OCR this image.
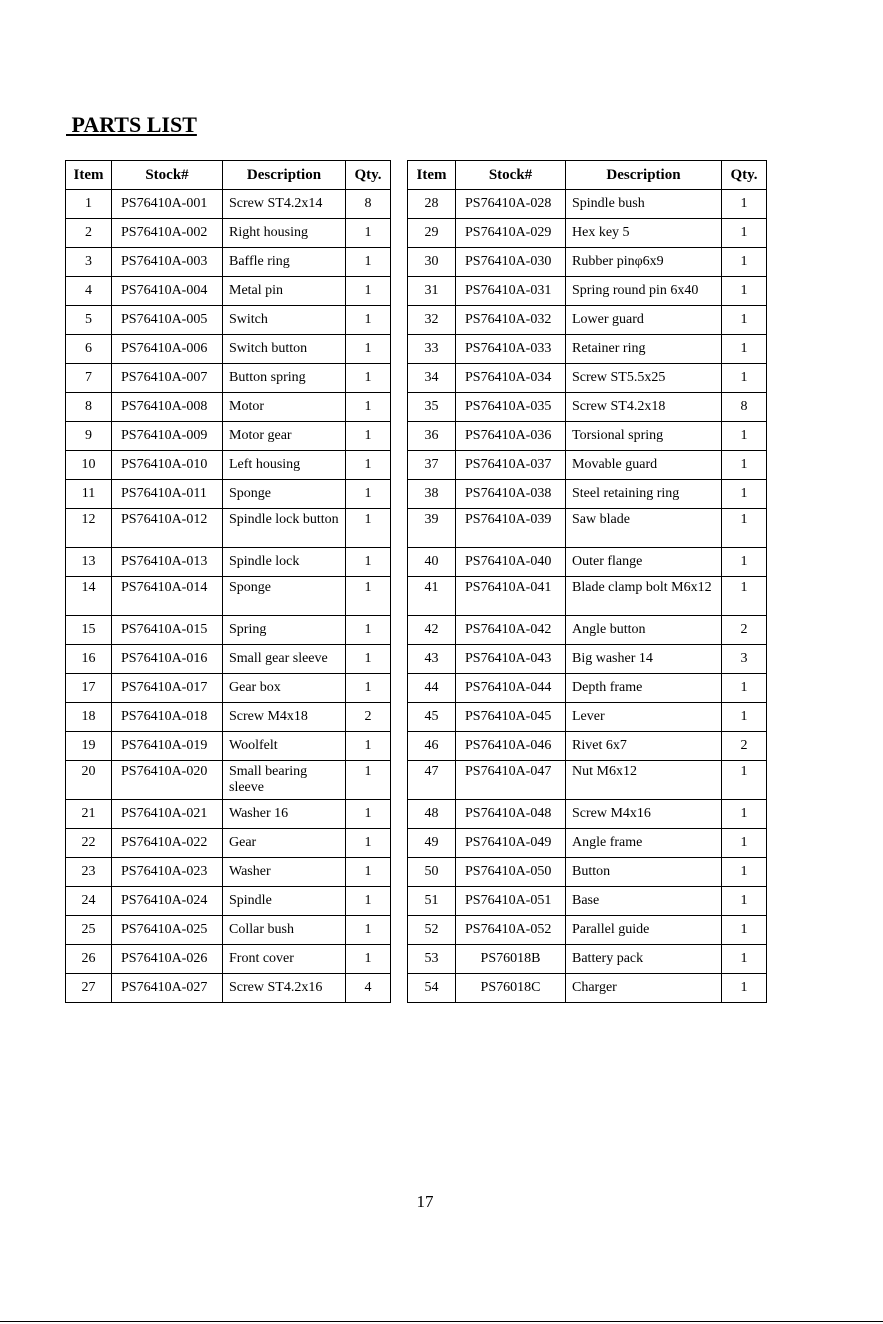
PARTS LIST
Item	Stock#	Description	Qty.
1	PS76410A-001	Screw ST4.2x14	8
2	PS76410A-002	Right housing	1
3	PS76410A-003	Baffle ring	1
4	PS76410A-004	Metal pin	1
5	PS76410A-005	Switch	1
6	PS76410A-006	Switch button	1
7	PS76410A-007	Button spring	1
8	PS76410A-008	Motor	1
9	PS76410A-009	Motor gear	1
10	PS76410A-010	Left housing	1
11	PS76410A-011	Sponge	1
12	PS76410A-012	Spindle lock button	1
13	PS76410A-013	Spindle lock	1
14	PS76410A-014	Sponge	1
15	PS76410A-015	Spring	1
16	PS76410A-016	Small gear sleeve	1
17	PS76410A-017	Gear box	1
18	PS76410A-018	Screw M4x18	2
19	PS76410A-019	Woolfelt	1
20	PS76410A-020	Small bearing sleeve	1
21	PS76410A-021	Washer 16	1
22	PS76410A-022	Gear	1
23	PS76410A-023	Washer	1
24	PS76410A-024	Spindle	1
25	PS76410A-025	Collar bush	1
26	PS76410A-026	Front cover	1
27	PS76410A-027	Screw ST4.2x16	4
Item	Stock#	Description	Qty.
28	PS76410A-028	Spindle bush	1
29	PS76410A-029	Hex key 5	1
30	PS76410A-030	Rubber pinφ6x9	1
31	PS76410A-031	Spring round pin 6x40	1
32	PS76410A-032	Lower guard	1
33	PS76410A-033	Retainer ring	1
34	PS76410A-034	Screw ST5.5x25	1
35	PS76410A-035	Screw ST4.2x18	8
36	PS76410A-036	Torsional spring	1
37	PS76410A-037	Movable guard	1
38	PS76410A-038	Steel retaining ring	1
39	PS76410A-039	Saw blade	1
40	PS76410A-040	Outer flange	1
41	PS76410A-041	Blade clamp bolt M6x12	1
42	PS76410A-042	Angle button	2
43	PS76410A-043	Big washer 14	3
44	PS76410A-044	Depth frame	1
45	PS76410A-045	Lever	1
46	PS76410A-046	Rivet 6x7	2
47	PS76410A-047	Nut M6x12	1
48	PS76410A-048	Screw M4x16	1
49	PS76410A-049	Angle frame	1
50	PS76410A-050	Button	1
51	PS76410A-051	Base	1
52	PS76410A-052	Parallel guide	1
53	PS76018B	Battery pack	1
54	PS76018C	Charger	1
17
